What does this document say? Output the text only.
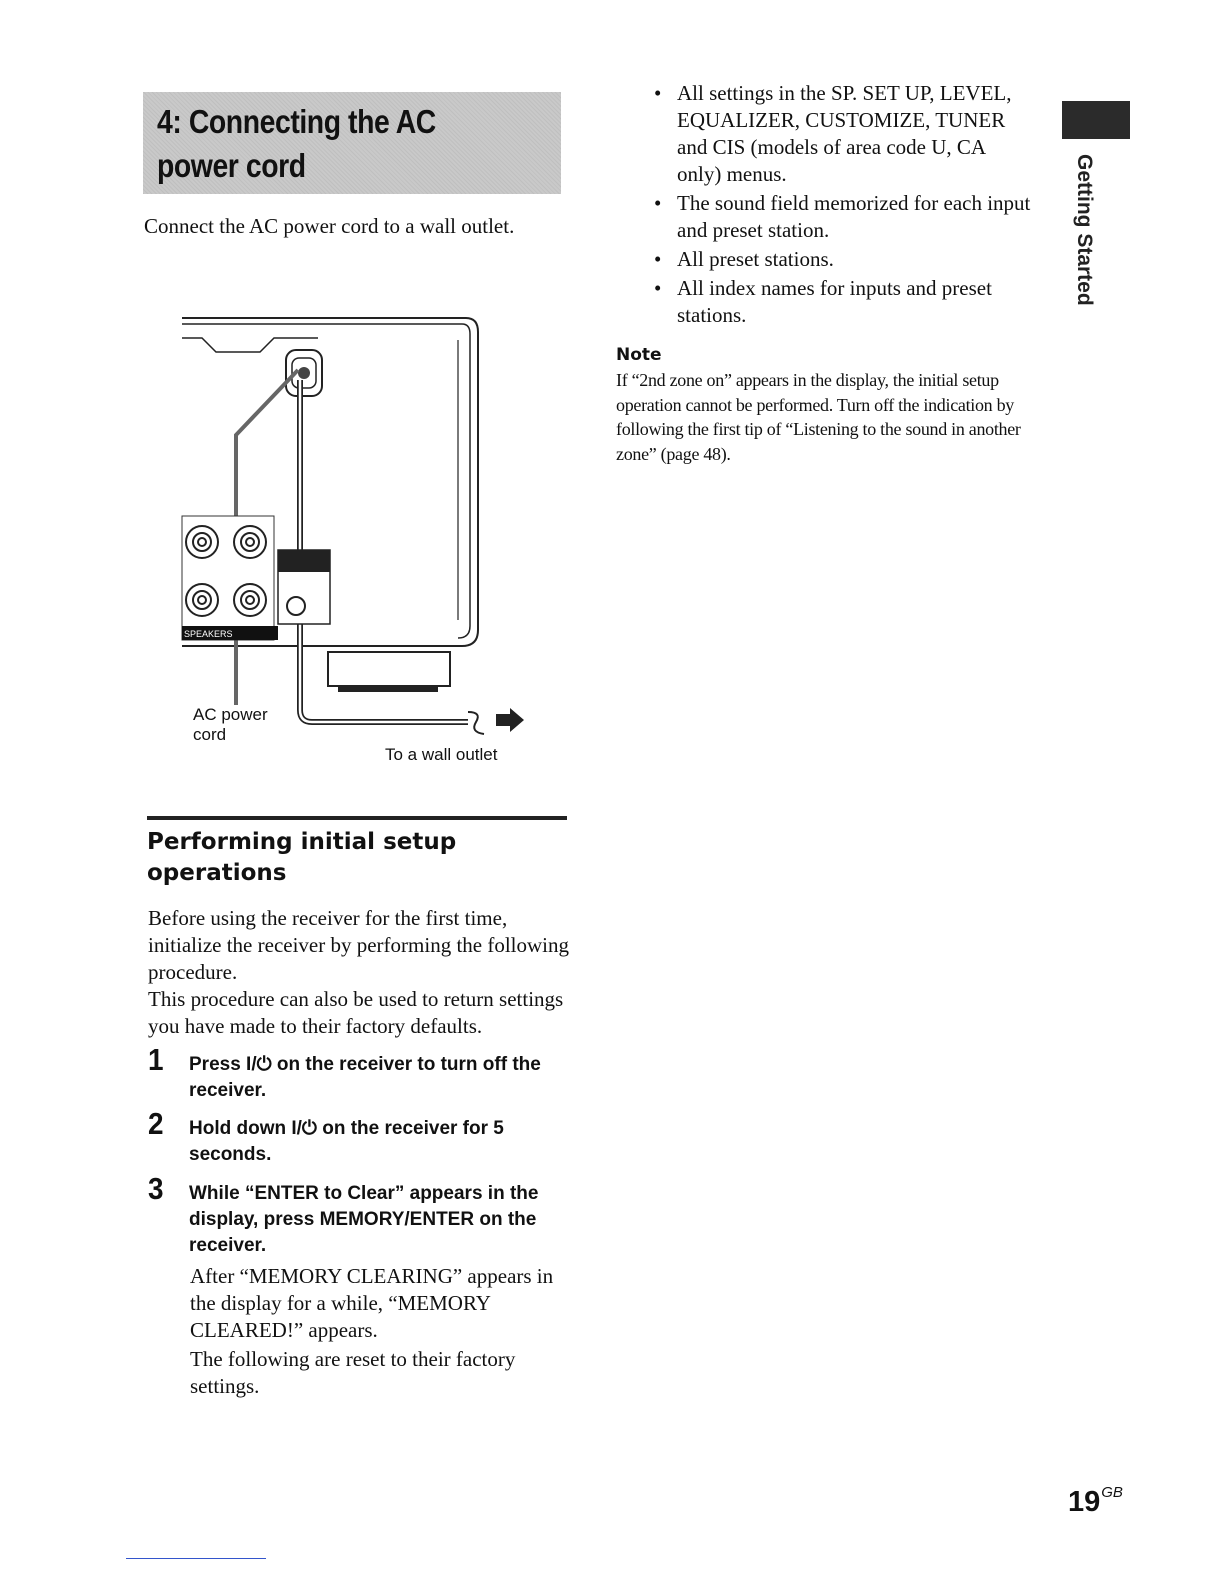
4: Connecting the AC
power cord
Connect the AC power cord to a wall outlet.
SPEAKERS
AC power cord
To a wall outlet
Performing initial setup operations

Before using the receiver for the first time, initialize the receiver by performing the following procedure.

This procedure can also be used to return settings you have made to their factory defaults.

1 Press I/⏻ on the receiver to turn off the receiver.
2 Hold down I/⏻ on the receiver for 5 seconds.
3 While “ENTER to Clear” appears in the display, press MEMORY/ENTER on the receiver.

After “MEMORY CLEARING” appears in the display for a while, “MEMORY CLEARED!” appears.

The following are reset to their factory settings.

• All settings in the SP. SET UP, LEVEL, EQUALIZER, CUSTOMIZE, TUNER and CIS (models of area code U, CA only) menus.
• The sound field memorized for each input and preset station.
• All preset stations.
• All index names for inputs and preset stations.
Note
If “2nd zone on” appears in the display, the initial setup operation cannot be performed. Turn off the indication by following the first tip of “Listening to the sound in another zone” (page 48).
Getting Started
$19^{GB}$
